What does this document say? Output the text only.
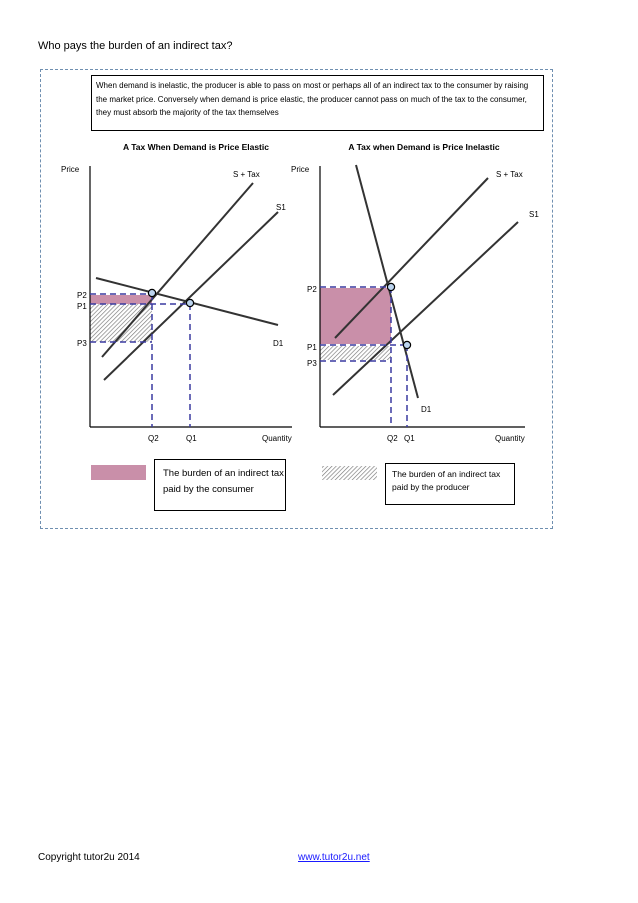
Who pays the burden of an indirect tax?
When demand is inelastic, the producer is able to pass on most or perhaps all of an indirect tax to the consumer by raising the market price. Conversely when demand is price elastic, the producer cannot pass on much of the tax to the consumer, they must absorb the majority of the tax themselves
A Tax When Demand is Price Elastic
Price
Quantity
S + Tax
S1
D1
P2
P1
P3
Q2	Q1
A Tax when Demand is Price Inelastic
Price
Quantity
S + Tax
S1
D1
P2
P1
P3
Q2 Q1
The burden of an indirect tax paid by the consumer
The burden of an indirect tax paid by the producer
Copyright tutor2u 2014	www.tutor2u.net
